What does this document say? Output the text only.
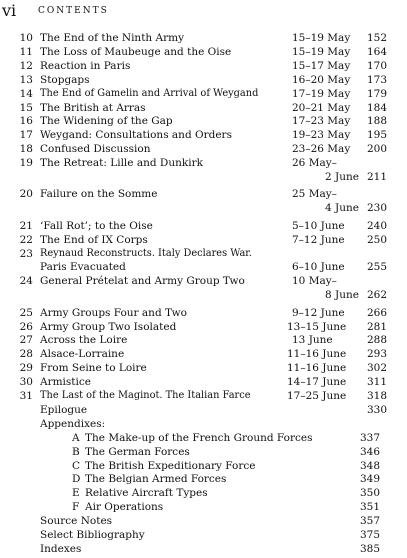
vi CONTENTS
10 The End of the Ninth Army	15–19 May	152
11 The Loss of Maubeuge and the Oise	15–19 May	164
12 Reaction in Paris	15–17 May	170
13 Stopgaps	16–20 May	173
14 The End of Gamelin and Arrival of Weygand	17–19 May	179
15 The British at Arras	20–21 May	184
16 The Widening of the Gap	17–23 May	188
17 Weygand: Consultations and Orders	19–23 May	195
18 Confused Discussion	23–26 May	200
19 The Retreat: Lille and Dunkirk	26 May–
2 June 211
20 Failure on the Somme	25 May–
4 June 230
21 ‘Fall Rot’; to the Oise	5–10 June	240
22 The End of IX Corps	7–12 June	250
23 Reynaud Reconstructs. Italy Declares War.
Paris Evacuated	6–10 June	255
24 General Prételat and Army Group Two	10 May–
8 June 262
25 Army Groups Four and Two	9–12 June	266
26 Army Group Two Isolated	13–15 June	281
27 Across the Loire	13 June	288
28 Alsace-Lorraine	11–16 June	293
29 From Seine to Loire	11–16 June	302
30 Armistice	14–17 June	311
31 The Last of the Maginot. The Italian Farce	17–25 June	318
Epilogue	330
Appendixes:
A The Make-up of the French Ground Forces	337
B The German Forces	346
C The British Expeditionary Force	348
D The Belgian Armed Forces	349
E Relative Aircraft Types	350
F Air Operations	351
Source Notes	357
Select Bibliography	375
Indexes	385
